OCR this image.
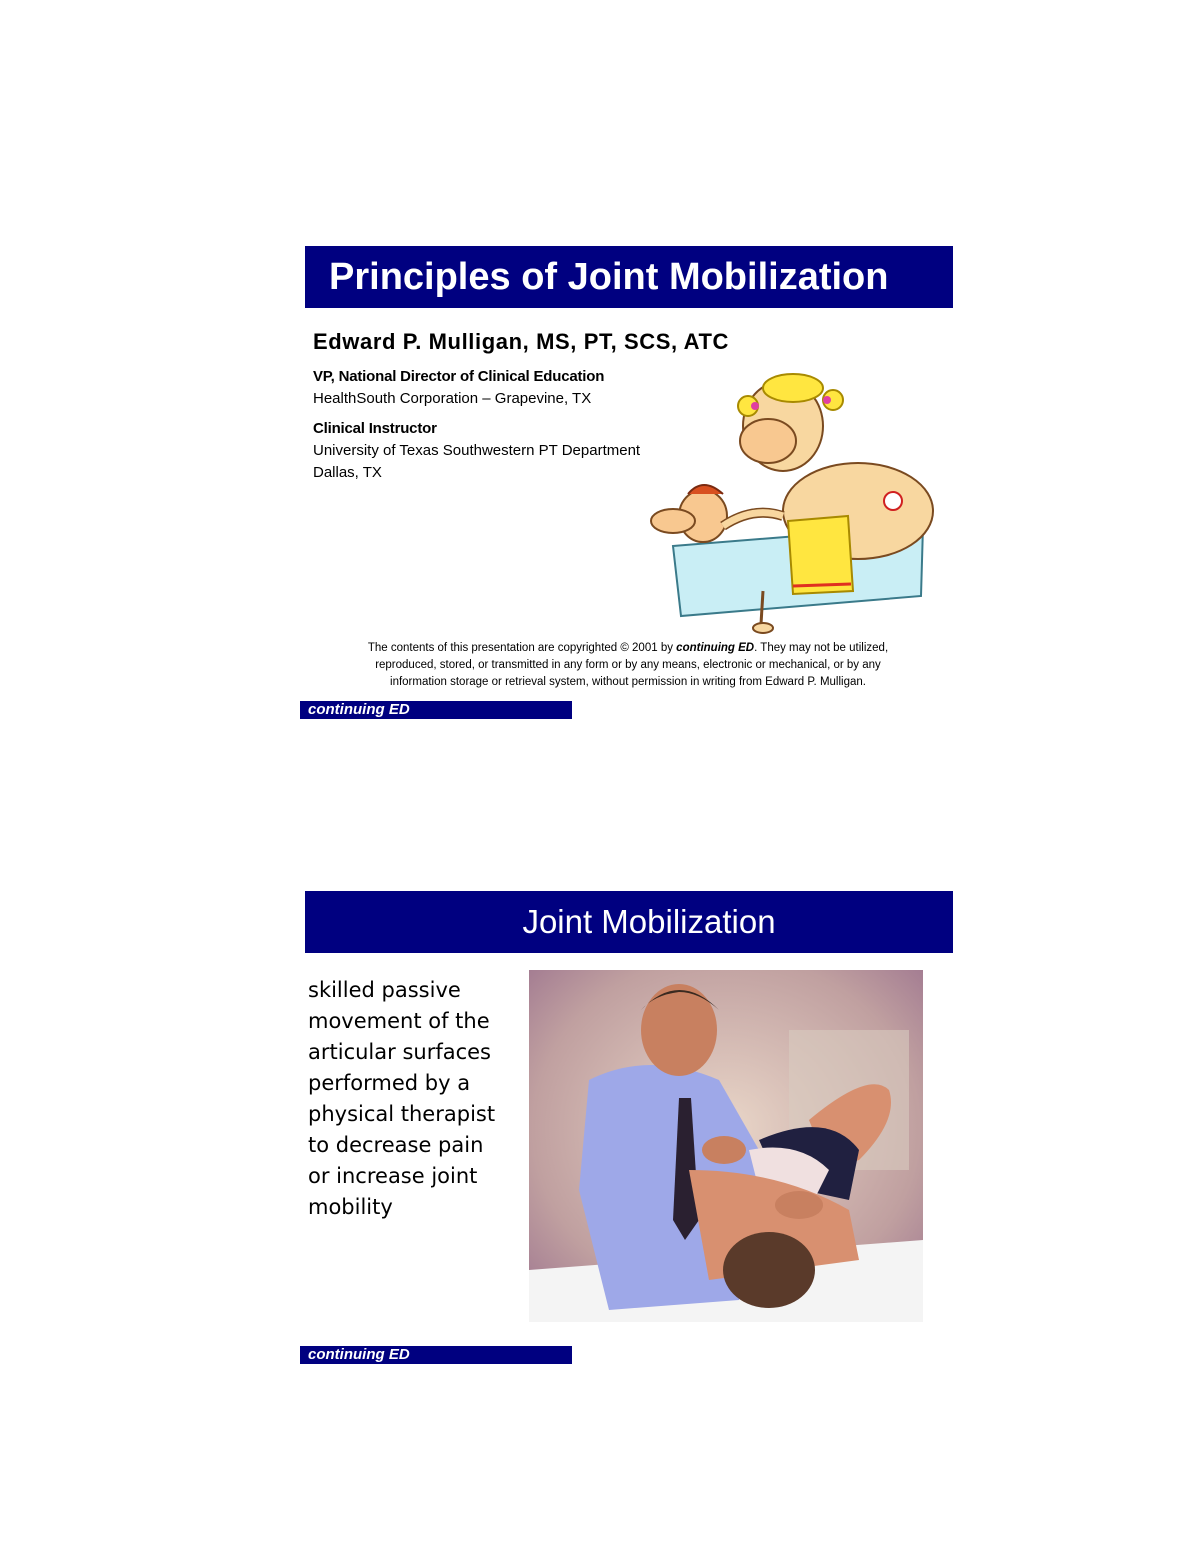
Principles of Joint Mobilization
Edward P. Mulligan, MS, PT, SCS, ATC
VP, National Director of Clinical Education
HealthSouth Corporation – Grapevine, TX
Clinical Instructor
University of Texas Southwestern PT Department
Dallas, TX
The contents of this presentation are copyrighted © 2001 by continuing ED. They may not be utilized,
reproduced, stored, or transmitted in any form or by any means, electronic or mechanical, or by any
information storage or retrieval system, without permission in writing from Edward P. Mulligan.
continuing ED
Joint Mobilization
skilled passive
movement of the
articular surfaces
performed by a
physical therapist
to decrease pain
or increase joint
mobility
continuing ED
